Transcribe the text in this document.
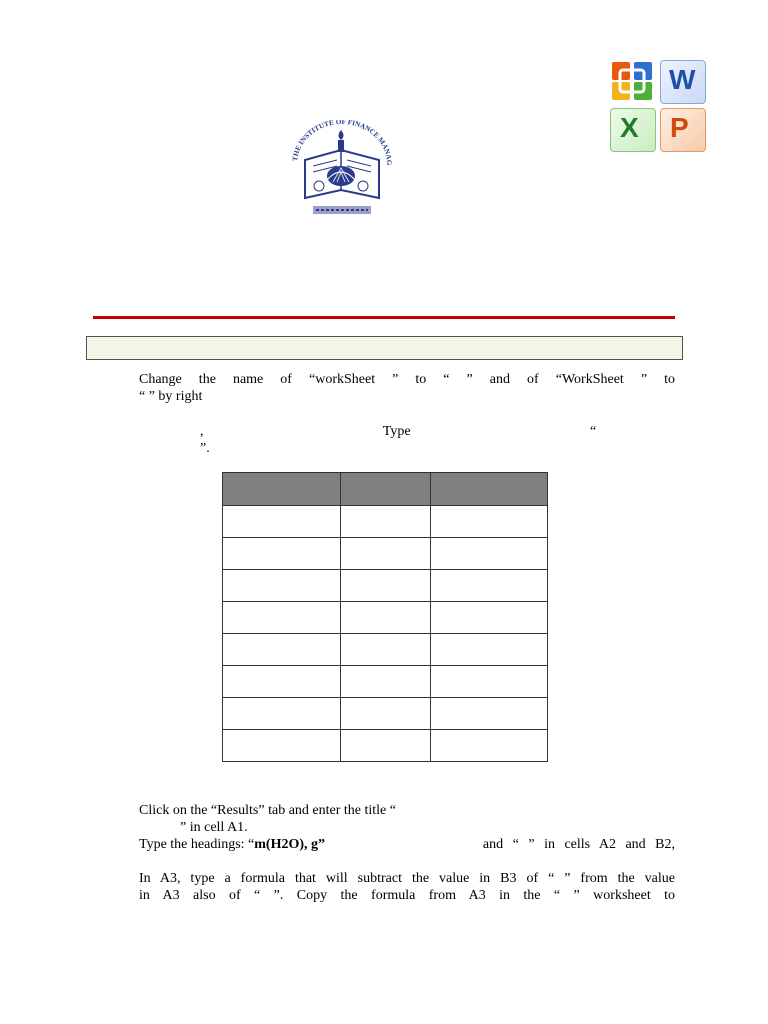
THE INSTITUTE OF FINANCE MANAG
W
X P
Change the name of “workSheet ” to “ ” and of “WorkSheet ” to
“ ” by right
, Type “ ”.

Click on the “Results” tab and enter the title “
” in cell A1.
Type the headings: “m(H2O), g”	and “ ” in cells A2 and B2,
In A3, type a formula that will subtract the value in B3 of “ ” from the value
in A3 also of “ ”. Copy the formula from A3 in the “ ” worksheet to
